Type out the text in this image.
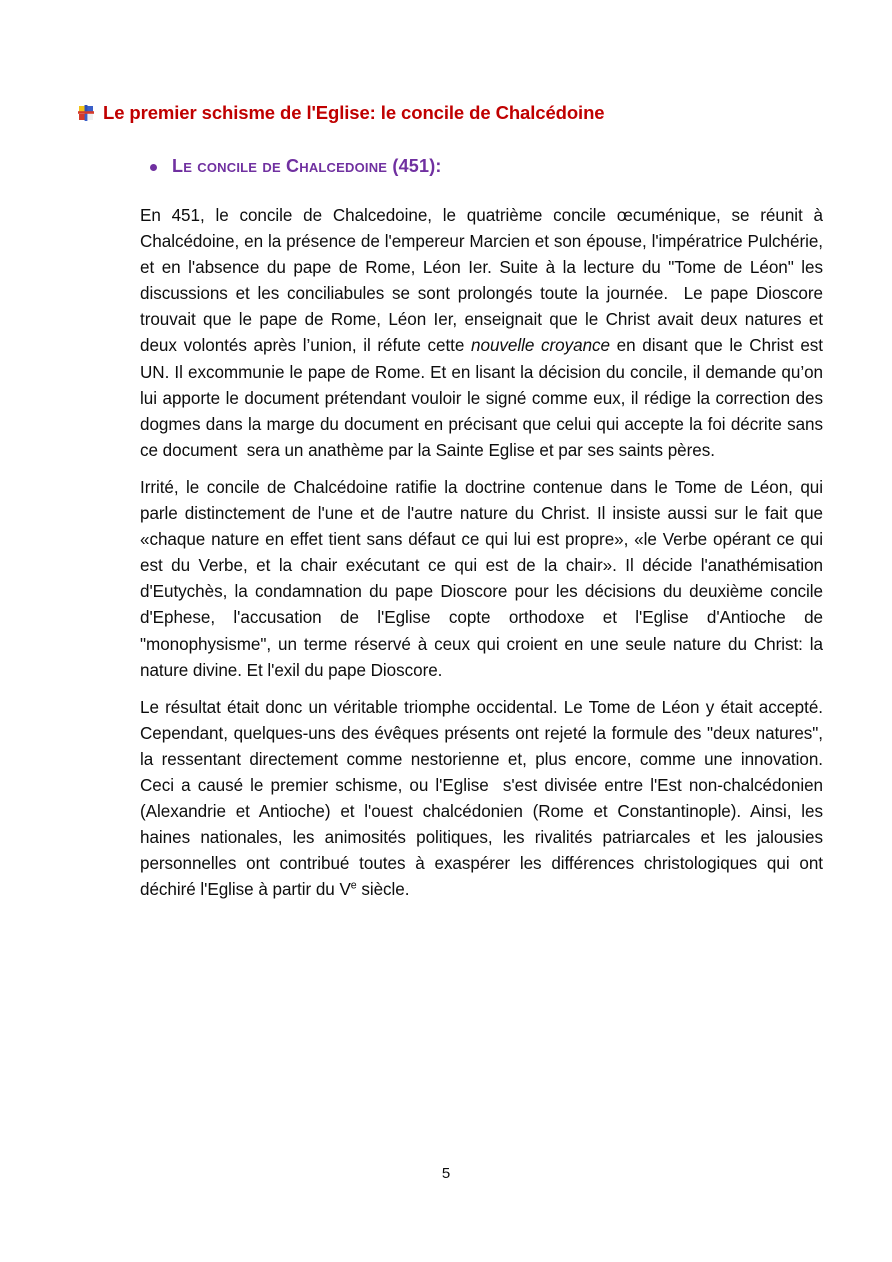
Le premier schisme de l'Eglise: le concile de Chalcédoine
Le concile de Chalcedoine (451):

En 451, le concile de Chalcedoine, le quatrième concile œcuménique, se réunit à Chalcédoine, en la présence de l'empereur Marcien et son épouse, l'impératrice Pulchérie, et en l'absence du pape de Rome, Léon Ier. Suite à la lecture du "Tome de Léon" les discussions et les conciliabules se sont prolongés toute la journée.  Le pape Dioscore trouvait que le pape de Rome, Léon Ier, enseignait que le Christ avait deux natures et deux volontés après l’union, il réfute cette nouvelle croyance en disant que le Christ est UN. Il excommunie le pape de Rome. Et en lisant la décision du concile, il demande qu’on lui apporte le document prétendant vouloir le signé comme eux, il rédige la correction des dogmes dans la marge du document en précisant que celui qui accepte la foi décrite sans ce document  sera un anathème par la Sainte Eglise et par ses saints pères.

Irrité, le concile de Chalcédoine ratifie la doctrine contenue dans le Tome de Léon, qui parle distinctement de l'une et de l'autre nature du Christ. Il insiste aussi sur le fait que «chaque nature en effet tient sans défaut ce qui lui est propre», «le Verbe opérant ce qui est du Verbe, et la chair exécutant ce qui est de la chair». Il décide l'anathémisation d'Eutychès, la condamnation du pape Dioscore pour les décisions du deuxième concile d'Ephese, l'accusation de l'Eglise copte orthodoxe et l'Eglise d'Antioche de "monophysisme", un terme réservé à ceux qui croient en une seule nature du Christ: la nature divine. Et l'exil du pape Dioscore.

Le résultat était donc un véritable triomphe occidental. Le Tome de Léon y était accepté. Cependant, quelques-uns des évêques présents ont rejeté la formule des "deux natures", la ressentant directement comme nestorienne et, plus encore, comme une innovation. Ceci a causé le premier schisme, ou l'Eglise  s'est divisée entre l'Est non-chalcédonien (Alexandrie et Antioche) et l'ouest chalcédonien (Rome et Constantinople). Ainsi, les haines nationales, les animosités politiques, les rivalités patriarcales et les jalousies personnelles ont contribué toutes à exaspérer les différences christologiques qui ont déchiré l'Eglise à partir du Ve siècle.

5
